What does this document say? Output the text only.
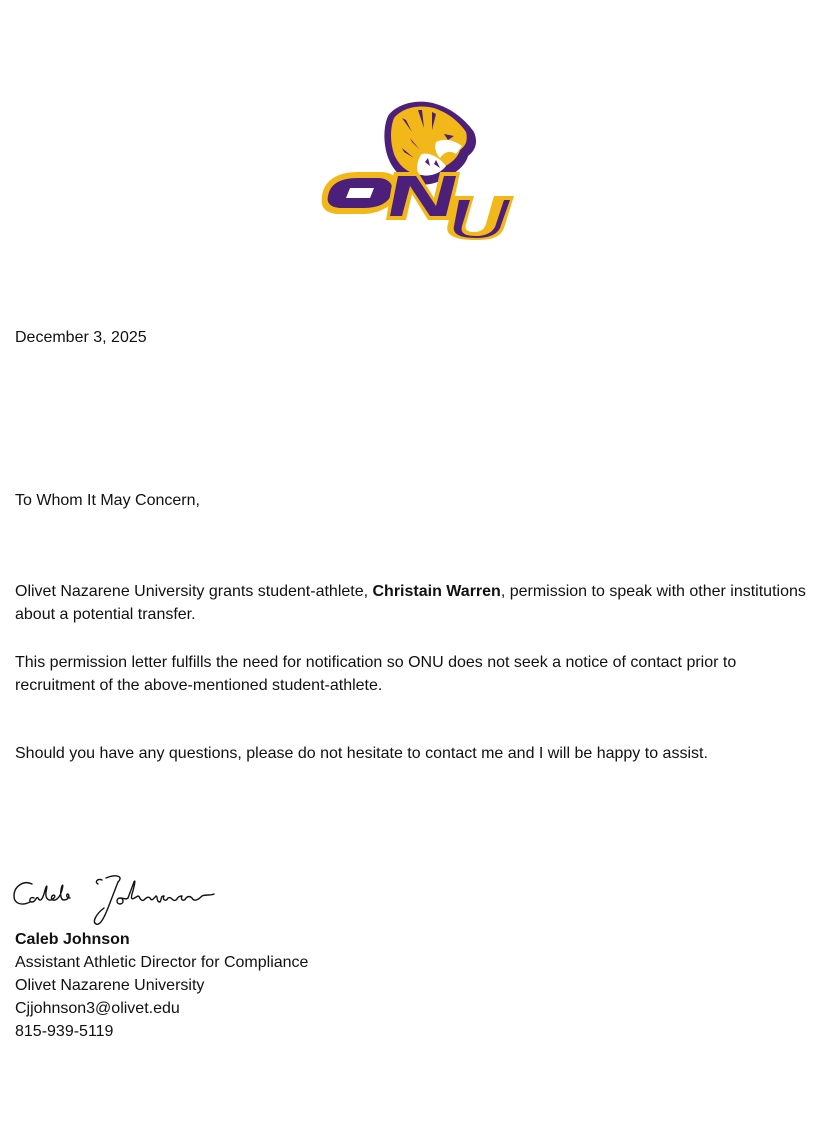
December 3, 2025

To Whom It May Concern,

Olivet Nazarene University grants student-athlete, Christain Warren, permission to speak with other institutions about a potential transfer.

This permission letter fulfills the need for notification so ONU does not seek a notice of contact prior to recruitment of the above-mentioned student-athlete.

Should you have any questions, please do not hesitate to contact me and I will be happy to assist.

Caleb Johnson
Assistant Athletic Director for Compliance
Olivet Nazarene University
Cjjohnson3@olivet.edu
815-939-5119
